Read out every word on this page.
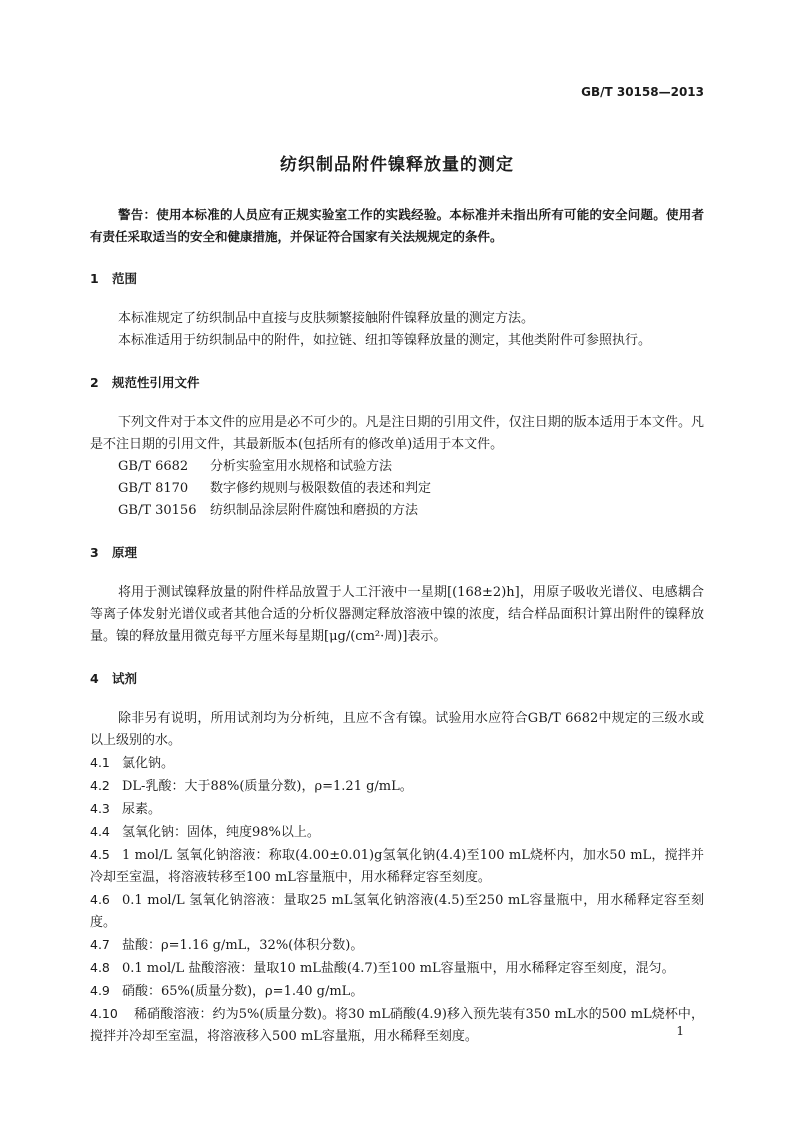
GB/T 30158—2013
纺织制品附件镍释放量的测定

警告：使用本标准的人员应有正规实验室工作的实践经验。本标准并未指出所有可能的安全问题。使用者有责任采取适当的安全和健康措施，并保证符合国家有关法规规定的条件。

1 范围

本标准规定了纺织制品中直接与皮肤频繁接触附件镍释放量的测定方法。

本标准适用于纺织制品中的附件，如拉链、纽扣等镍释放量的测定，其他类附件可参照执行。

2 规范性引用文件

下列文件对于本文件的应用是必不可少的。凡是注日期的引用文件，仅注日期的版本适用于本文件。凡是不注日期的引用文件，其最新版本(包括所有的修改单)适用于本文件。

GB/T 6682 分析实验室用水规格和试验方法

GB/T 8170 数字修约规则与极限数值的表述和判定

GB/T 30156 纺织制品涂层附件腐蚀和磨损的方法

3 原理

将用于测试镍释放量的附件样品放置于人工汗液中一星期[(168±2)h]，用原子吸收光谱仪、电感耦合等离子体发射光谱仪或者其他合适的分析仪器测定释放溶液中镍的浓度，结合样品面积计算出附件的镍释放量。镍的释放量用微克每平方厘米每星期[μg/(cm²·周)]表示。

4 试剂

除非另有说明，所用试剂均为分析纯，且应不含有镍。试验用水应符合GB/T 6682中规定的三级水或以上级别的水。

4.1 氯化钠。

4.2 DL-乳酸：大于88%(质量分数)，ρ=1.21 g/mL。

4.3 尿素。

4.4 氢氧化钠：固体，纯度98%以上。

4.5 1 mol/L 氢氧化钠溶液：称取(4.00±0.01)g氢氧化钠(4.4)至100 mL烧杯内，加水50 mL，搅拌并冷却至室温，将溶液转移至100 mL容量瓶中，用水稀释定容至刻度。

4.6 0.1 mol/L 氢氧化钠溶液：量取25 mL氢氧化钠溶液(4.5)至250 mL容量瓶中，用水稀释定容至刻度。

4.7 盐酸：ρ=1.16 g/mL，32%(体积分数)。

4.8 0.1 mol/L 盐酸溶液：量取10 mL盐酸(4.7)至100 mL容量瓶中，用水稀释定容至刻度，混匀。

4.9 硝酸：65%(质量分数)，ρ=1.40 g/mL。

4.10 稀硝酸溶液：约为5%(质量分数)。将30 mL硝酸(4.9)移入预先装有350 mL水的500 mL烧杯中，搅拌并冷却至室温，将溶液移入500 mL容量瓶，用水稀释至刻度。	1
